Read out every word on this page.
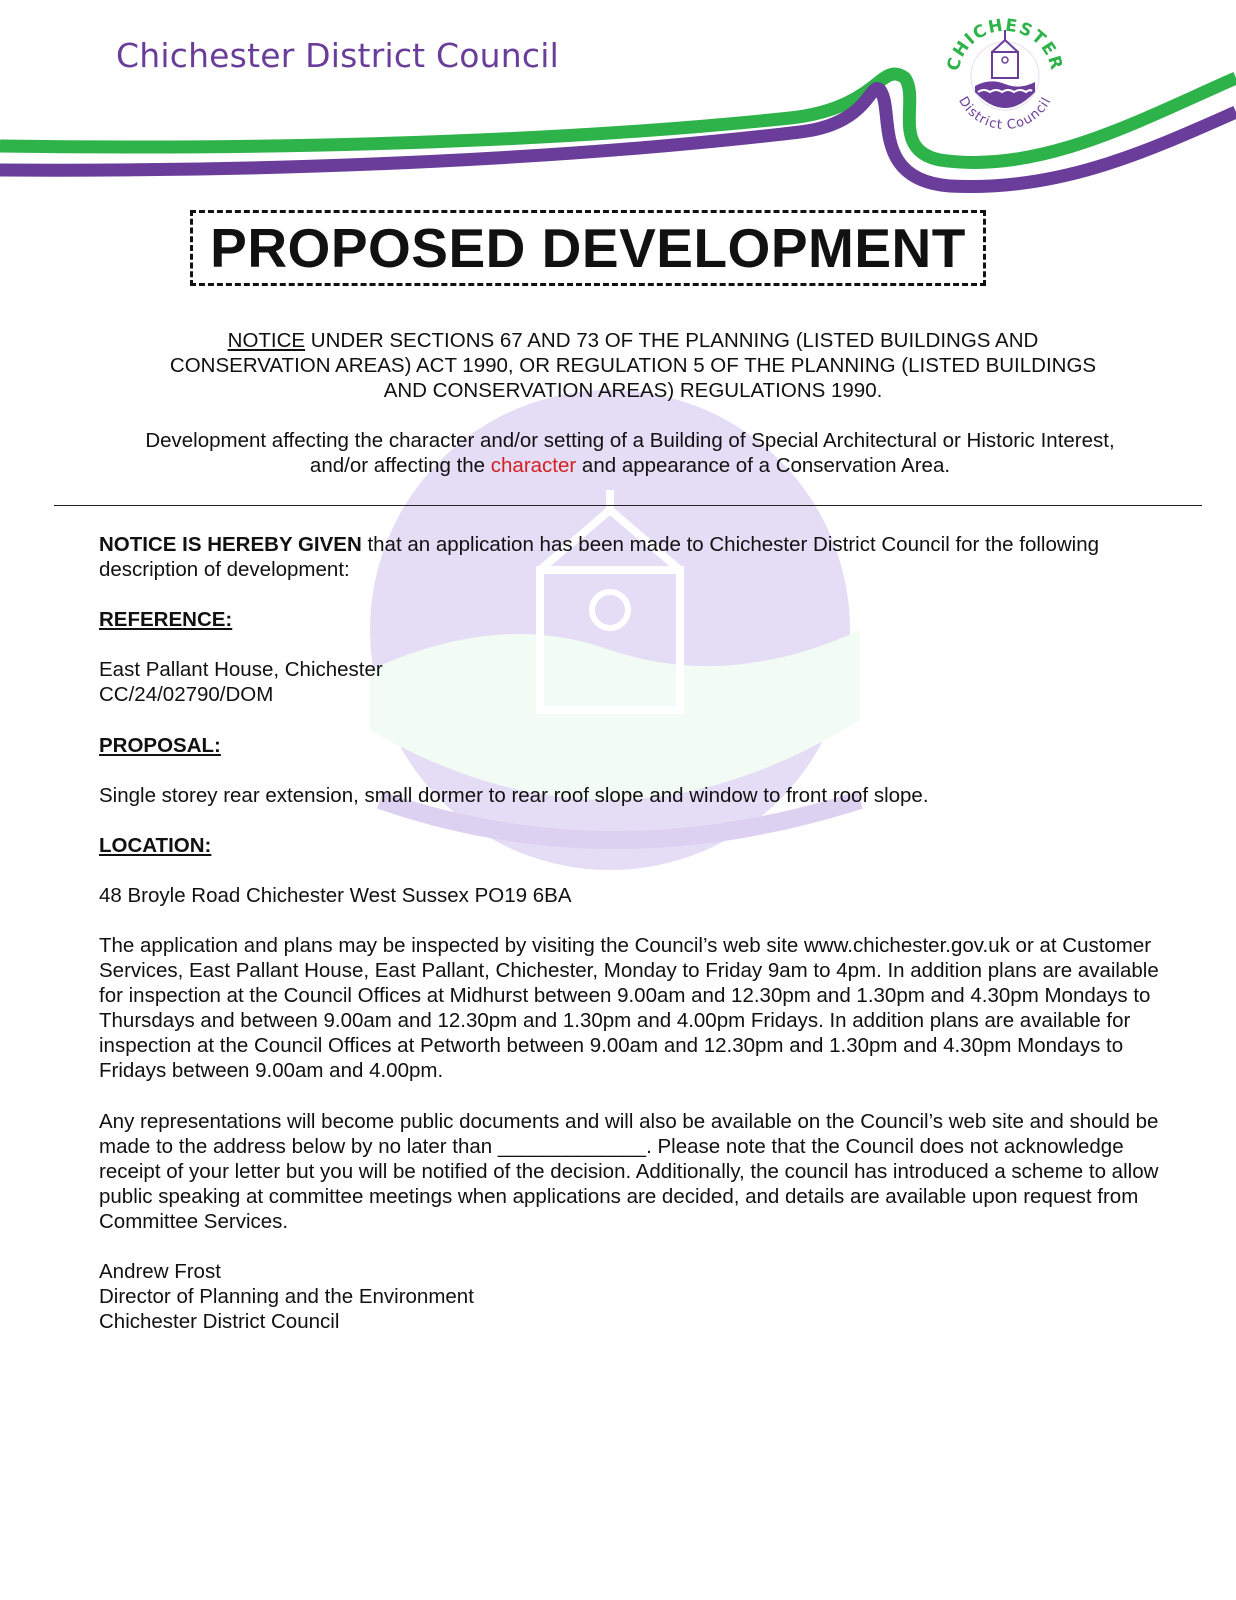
Chichester District Council	CHICHESTER
District Council
PROPOSED DEVELOPMENT
NOTICE UNDER SECTIONS 67 AND 73 OF THE PLANNING (LISTED BUILDINGS AND CONSERVATION AREAS) ACT 1990, OR REGULATION 5 OF THE PLANNING (LISTED BUILDINGS AND CONSERVATION AREAS) REGULATIONS 1990.
Development affecting the character and/or setting of a Building of Special Architectural or Historic Interest, and/or affecting the character and appearance of a Conservation Area.
NOTICE IS HEREBY GIVEN that an application has been made to Chichester District Council for the following description of development:
REFERENCE:
East Pallant House, Chichester
CC/24/02790/DOM
PROPOSAL:
Single storey rear extension, small dormer to rear roof slope and window to front roof slope.
LOCATION:
48 Broyle Road Chichester West Sussex PO19 6BA
The application and plans may be inspected by visiting the Council’s web site www.chichester.gov.uk or at Customer Services, East Pallant House, East Pallant, Chichester, Monday to Friday 9am to 4pm. In addition plans are available for inspection at the Council Offices at Midhurst between 9.00am and 12.30pm and 1.30pm and 4.30pm Mondays to Thursdays and between 9.00am and 12.30pm and 1.30pm and 4.00pm Fridays. In addition plans are available for inspection at the Council Offices at Petworth between 9.00am and 12.30pm and 1.30pm and 4.30pm Mondays to Fridays between 9.00am and 4.00pm.
Any representations will become public documents and will also be available on the Council’s web site and should be made to the address below by no later than _____________. Please note that the Council does not acknowledge receipt of your letter but you will be notified of the decision. Additionally, the council has introduced a scheme to allow public speaking at committee meetings when applications are decided, and details are available upon request from Committee Services.
Andrew Frost
Director of Planning and the Environment
Chichester District Council
